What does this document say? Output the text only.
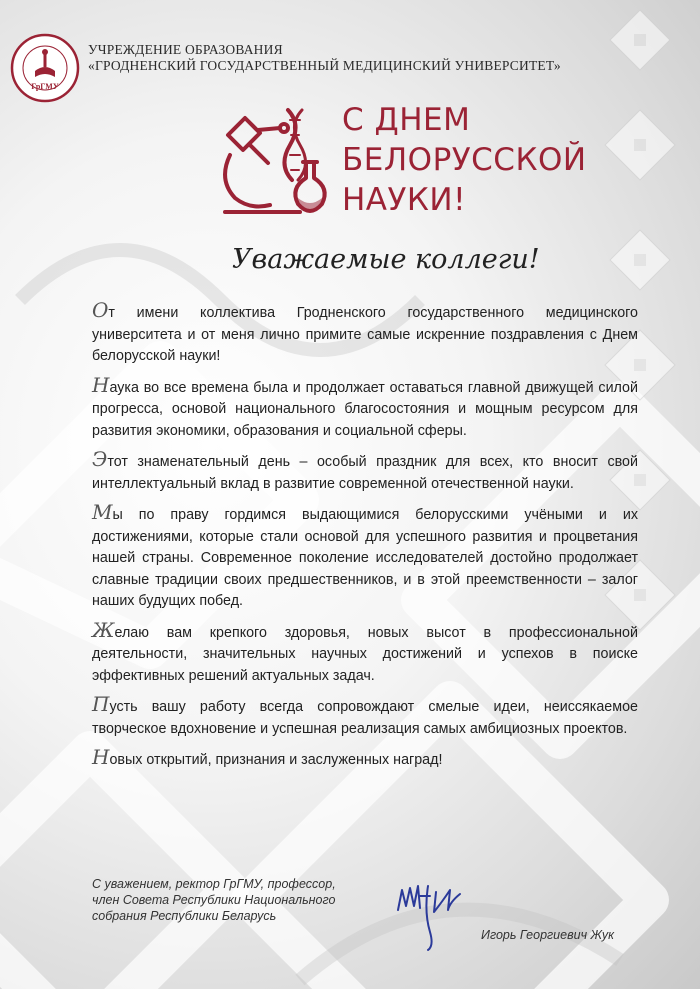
ГрГМУ
УЧРЕЖДЕНИЕ ОБРАЗОВАНИЯ
«ГРОДНЕНСКИЙ ГОСУДАРСТВЕННЫЙ МЕДИЦИНСКИЙ УНИВЕРСИТЕТ»
С ДНЕМ
БЕЛОРУССКОЙ
НАУКИ!
Уважаемые коллеги!

От имени коллектива Гродненского государственного медицинского университета и от меня лично примите самые искренние поздравления с Днем белорусской науки!

Наука во все времена была и продолжает оставаться главной движущей силой прогресса, основой национального благосостояния и мощным ресурсом для развития экономики, образования и социальной сферы.

Этот знаменательный день – особый праздник для всех, кто вносит свой интеллектуальный вклад в развитие современной отечественной науки.

Мы по праву гордимся выдающимися белорусскими учёными и их достижениями, которые стали основой для успешного развития и процветания нашей страны. Современное поколение исследователей достойно продолжает славные традиции своих предшественников, и в этой преемственности – залог наших будущих побед.

Желаю вам крепкого здоровья, новых высот в профессиональной деятельности, значительных научных достижений и успехов в поиске эффективных решений актуальных задач.

Пусть вашу работу всегда сопровождают смелые идеи, неиссякаемое творческое вдохновение и успешная реализация самых амбициозных проектов.

Новых открытий, признания и заслуженных наград!

С уважением, ректор ГрГМУ, профессор,
член Совета Республики Национального
собрания Республики Беларусь
Игорь Георгиевич Жук
